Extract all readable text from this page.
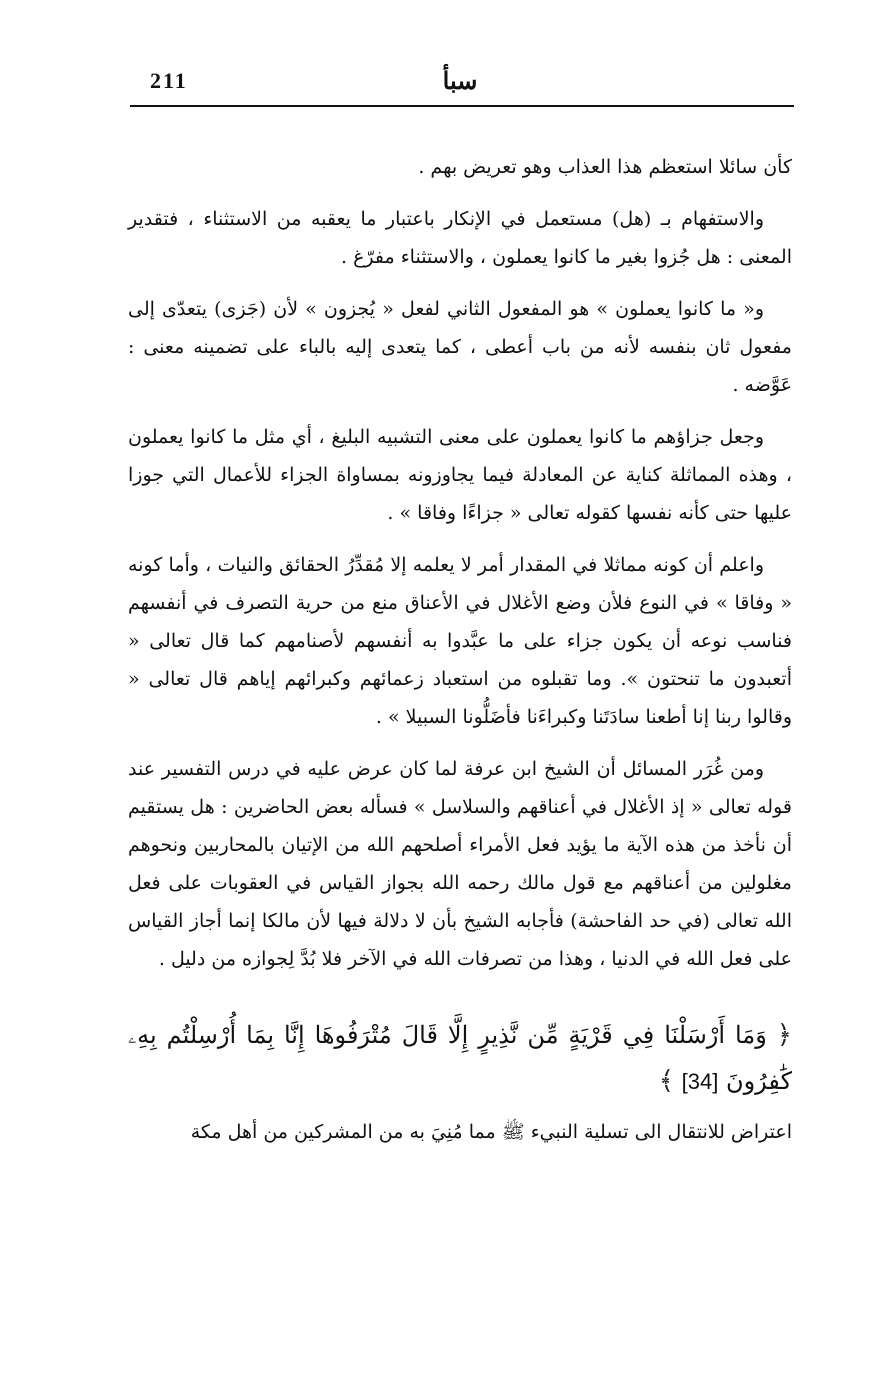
211	سبأ

كأن سائلا استعظم هذا العذاب وهو تعريض بهم .

والاستفهام بـ (هل) مستعمل في الإنكار باعتبار ما يعقبه من الاستثناء ، فتقدير المعنى : هل جُزوا بغير ما كانوا يعملون ، والاستثناء مفرّغ .

و« ما كانوا يعملون » هو المفعول الثاني لفعل « يُجزون » لأن (جَزى) يتعدّى إلى مفعول ثان بنفسه لأنه من باب أعطى ، كما يتعدى إليه بالباء على تضمينه معنى : عَوَّضه .

وجعل جزاؤهم ما كانوا يعملون على معنى التشبيه البليغ ، أي مثل ما كانوا يعملون ، وهذه المماثلة كناية عن المعادلة فيما يجاوزونه بمساواة الجزاء للأعمال التي جوزا عليها حتى كأنه نفسها كقوله تعالى « جزاءًا وفاقا » .

واعلم أن كونه مماثلا في المقدار أمر لا يعلمه إلا مُقدِّرُ الحقائق والنيات ، وأما كونه « وفاقا » في النوع فلأن وضع الأغلال في الأعناق منع من حرية التصرف في أنفسهم فناسب نوعه أن يكون جزاء على ما عبَّدوا به أنفسهم لأصنامهم كما قال تعالى « أتعبدون ما تنحتون ». وما تقبلوه من استعباد زعمائهم وكبرائهم إياهم قال تعالى « وقالوا ربنا إنا أطعنا سادَتَنا وكبراءَنا فأضَلُّونا السبيلا » .

ومن غُرَر المسائل أن الشيخ ابن عرفة لما كان عرض عليه في درس التفسير عند قوله تعالى « إذ الأغلال في أعناقهم والسلاسل » فسأله بعض الحاضرين : هل يستقيم أن نأخذ من هذه الآية ما يؤيد فعل الأمراء أصلحهم الله من الإتيان بالمحاربين ونحوهم مغلولين من أعناقهم مع قول مالك رحمه الله بجواز القياس في العقوبات على فعل الله تعالى (في حد الفاحشة) فأجابه الشيخ بأن لا دلالة فيها لأن مالكا إنما أجاز القياس على فعل الله في الدنيا ، وهذا من تصرفات الله في الآخر فلا بُدَّ لِجوازه من دليل .

﴿ وَمَا أَرْسَلْنَا فِي قَرْيَةٍ مِّن نَّذِيرٍ إِلَّا قَالَ مُتْرَفُوهَا إِنَّا بِمَا أُرْسِلْتُم بِهِۦ كَٰفِرُونَ [34] ﴾

اعتراض للانتقال الى تسلية النبيء ﷺ مما مُنِيَ به من المشركين من أهل مكة
